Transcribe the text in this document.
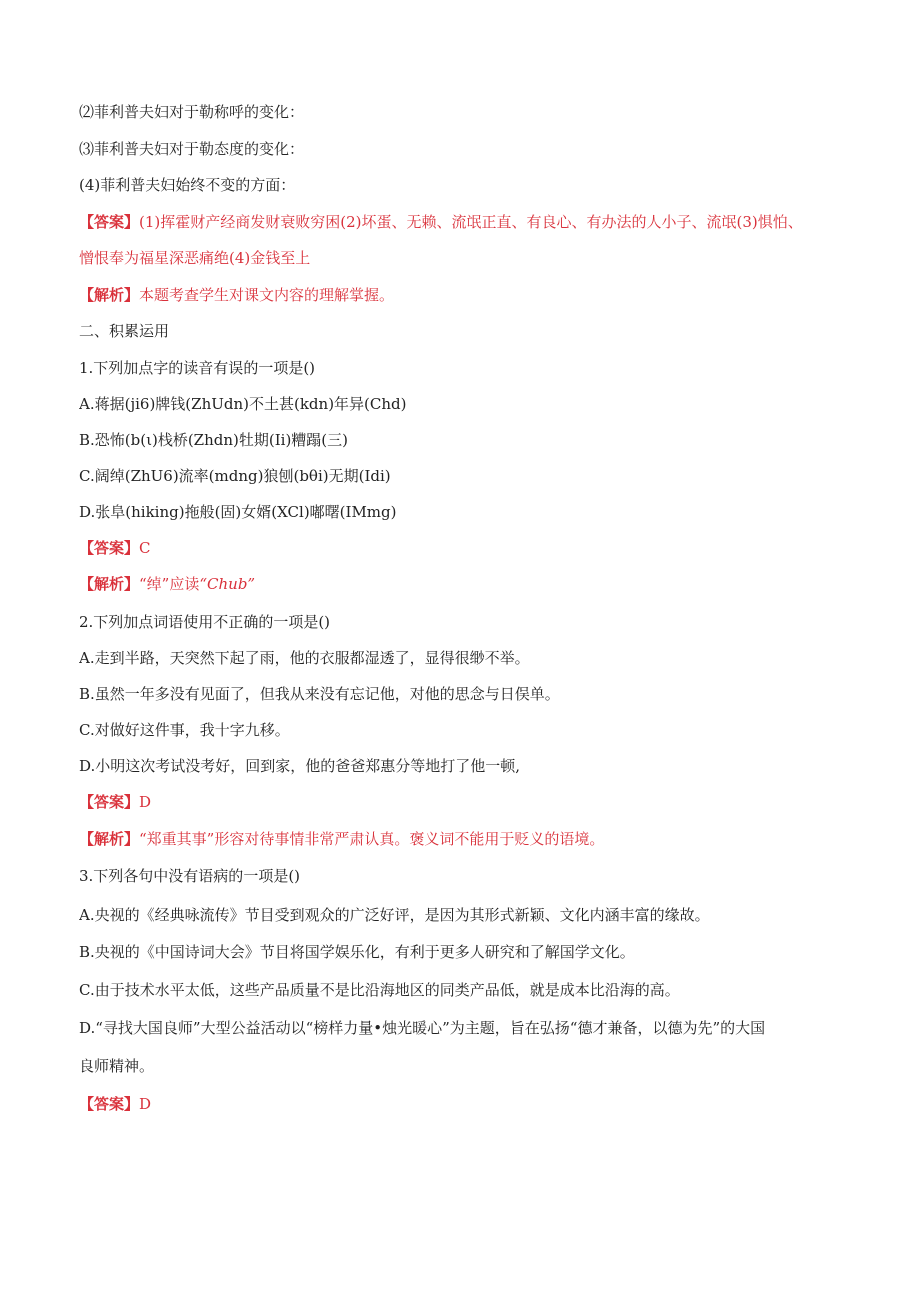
⑵菲利普夫妇对于勒称呼的变化：
⑶菲利普夫妇对于勒态度的变化：
(4)菲利普夫妇始终不变的方面：
【答案】(1)挥霍财产经商发财衰败穷困(2)坏蛋、无赖、流氓正直、有良心、有办法的人小子、流氓(3)惧怕、
憎恨奉为福星深恶痛绝(4)金钱至上
【解析】本题考查学生对课文内容的理解掌握。
二、积累运用
1.下列加点字的读音有误的一项是()
A.蒋据(ji6)牌钱(ZhUdn)不土甚(kdn)年异(Chd)
B.恐怖(b(ι)栈桥(Zhdn)牡期(Ii)糟蹋(三)
C.阔绰(ZhU6)流率(mdng)狼刨(bθi)无期(Idi)
D.张阜(hiking)拖般(固)女婿(XCl)嘟曙(IMmg)
【答案】C
【解析】“绰”应读“Chub”
2.下列加点词语使用不正确的一项是()
A.走到半路，天突然下起了雨，他的衣服都湿透了，显得很缈不举。
B.虽然一年多没有见面了，但我从来没有忘记他，对他的思念与日俣单。
C.对做好这件事，我十字九移。
D.小明这次考试没考好，回到家，他的爸爸郑惠分等地打了他一顿,
【答案】D
【解析】“郑重其事”形容对待事情非常严肃认真。褒义词不能用于贬义的语境。
3.下列各句中没有语病的一项是()
A.央视的《经典咏流传》节目受到观众的广泛好评，是因为其形式新颖、文化内涵丰富的缘故。
B.央视的《中国诗词大会》节目将国学娱乐化，有利于更多人研究和了解国学文化。
C.由于技术水平太低，这些产品质量不是比沿海地区的同类产品低，就是成本比沿海的高。
D.“寻找大国良师”大型公益活动以“榜样力量•烛光暖心”为主题，旨在弘扬“德才兼备，以德为先”的大国
良师精神。
【答案】D
